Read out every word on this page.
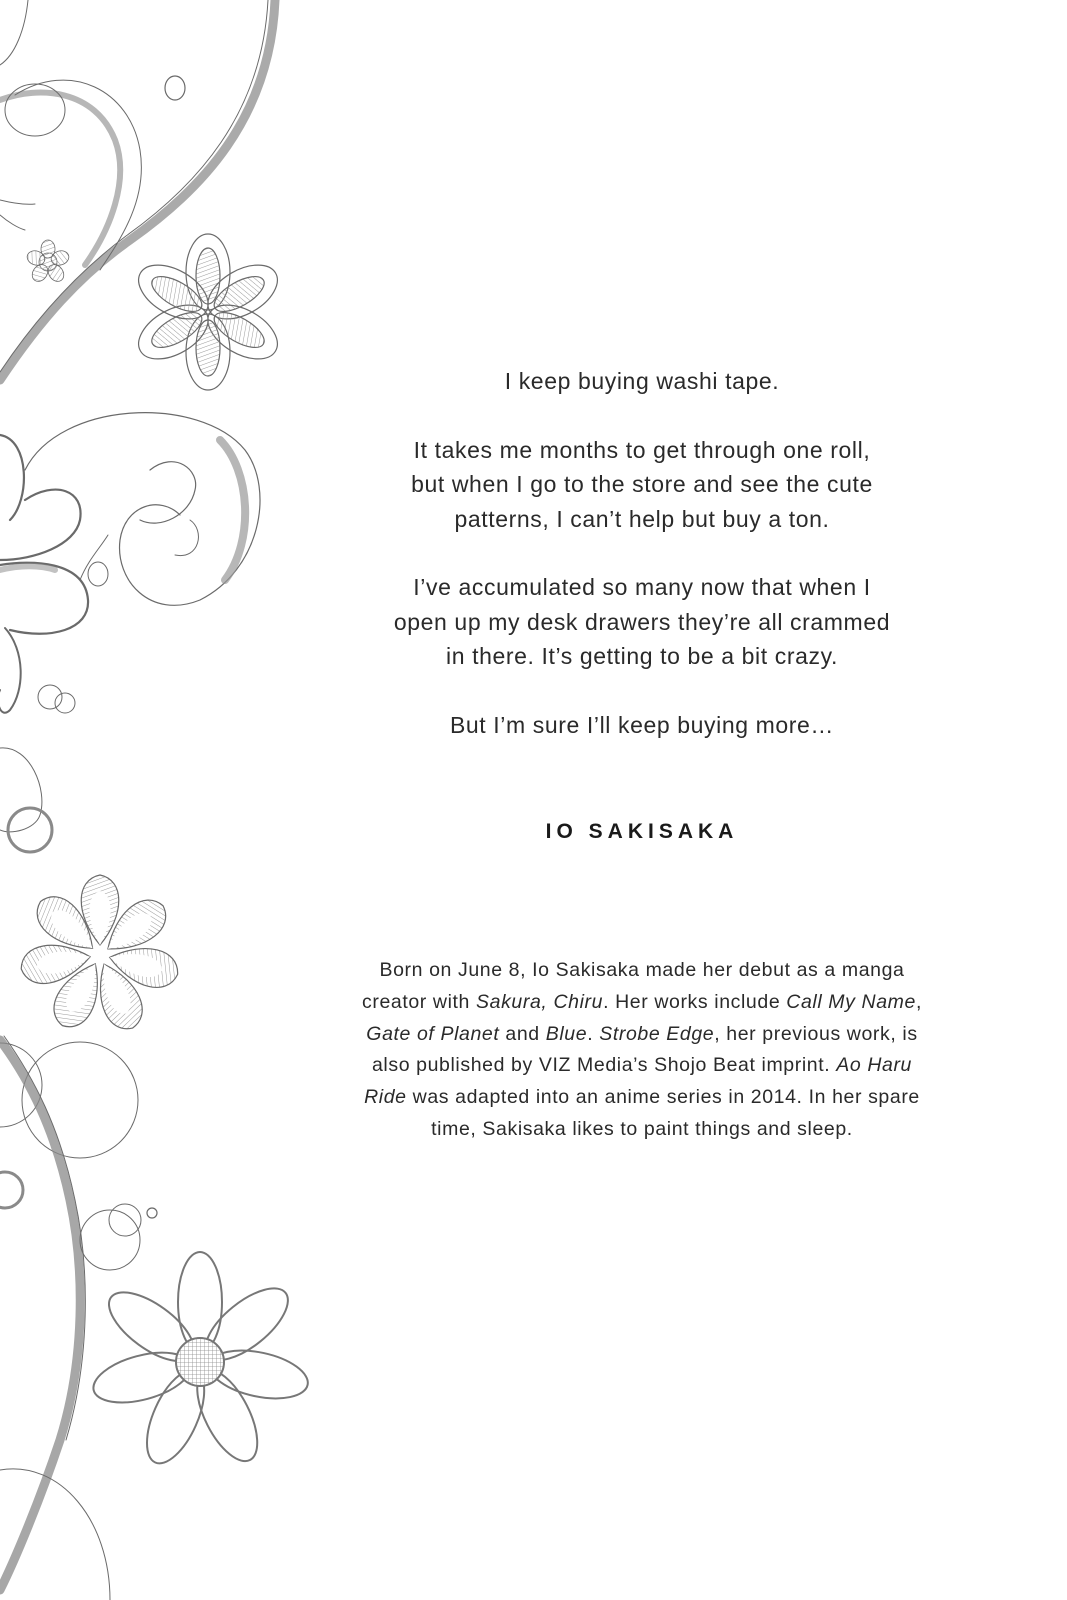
I keep buying washi tape.

It takes me months to get through one roll,
but when I go to the store and see the cute
patterns, I can’t help but buy a ton.

I’ve accumulated so many now that when I
open up my desk drawers they’re all crammed
in there. It’s getting to be a bit crazy.

But I’m sure I’ll keep buying more…

IO SAKISAKA

Born on June 8, Io Sakisaka made her debut as a manga creator with Sakura, Chiru. Her works include Call My Name, Gate of Planet and Blue. Strobe Edge, her previous work, is also published by VIZ Media’s Shojo Beat imprint. Ao Haru Ride was adapted into an anime series in 2014. In her spare time, Sakisaka likes to paint things and sleep.
